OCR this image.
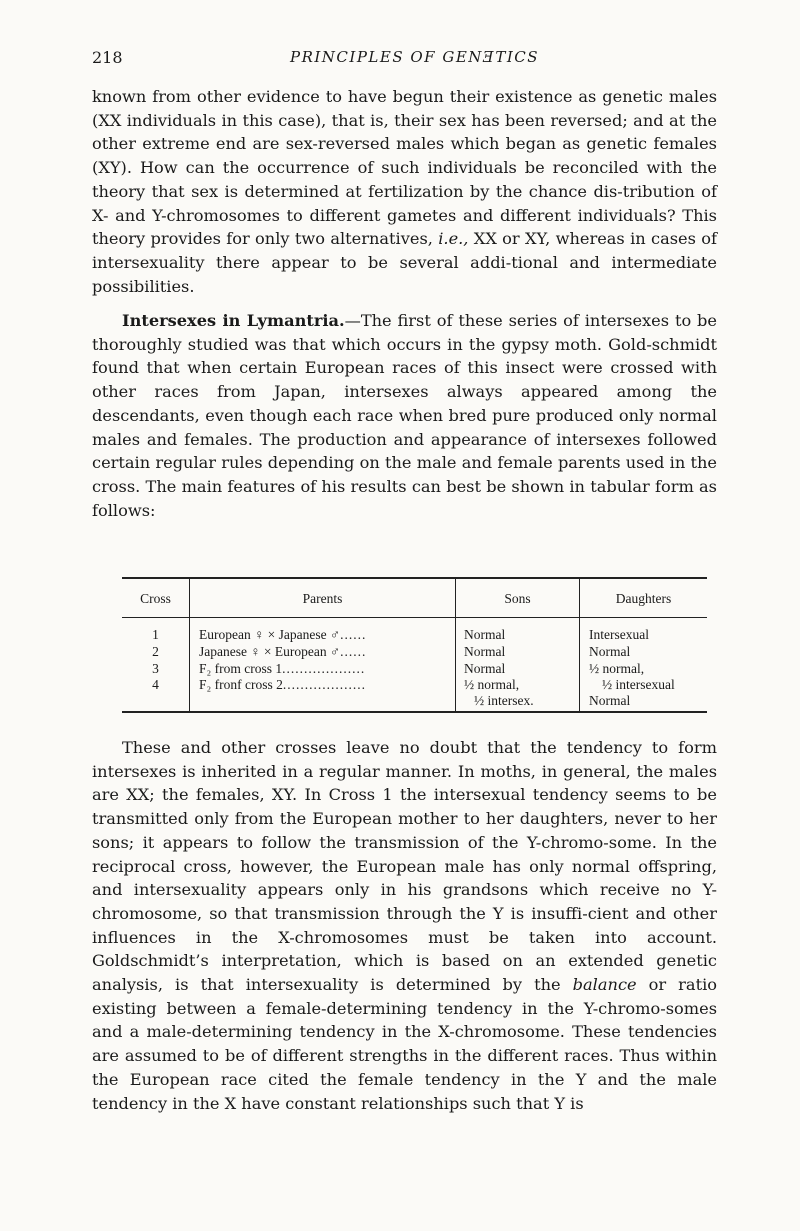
218	PRINCIPLES OF GENƎTICS

known from other evidence to have begun their existence as genetic males (XX individuals in this case), that is, their sex has been reversed; and at the other extreme end are sex-reversed males which began as genetic females (XY). How can the occurrence of such individuals be reconciled with the theory that sex is determined at fertilization by the chance dis-tribution of X- and Y-chromosomes to different gametes and different individuals? This theory provides for only two alternatives, i.e., XX or XY, whereas in cases of intersexuality there appear to be several addi-tional and intermediate possibilities.

Intersexes in Lymantria.—The first of these series of intersexes to be thoroughly studied was that which occurs in the gypsy moth. Gold-schmidt found that when certain European races of this insect were crossed with other races from Japan, intersexes always appeared among the descendants, even though each race when bred pure produced only normal males and females. The production and appearance of intersexes followed certain regular rules depending on the male and female parents used in the cross. The main features of his results can best be shown in tabular form as follows:

Cross	Parents	Sons	Daughters
1	European ♀ × Japanese ♂......	Normal	Intersexual
2	Japanese ♀ × European ♂......	Normal	Normal
3	F₂ from cross 1...................	Normal	½ normal,
½ intersexual
4	F₂ fronf cross 2...................	½ normal,
½ intersex.	Normal

These and other crosses leave no doubt that the tendency to form intersexes is inherited in a regular manner. In moths, in general, the males are XX; the females, XY. In Cross 1 the intersexual tendency seems to be transmitted only from the European mother to her daughters, never to her sons; it appears to follow the transmission of the Y-chromo-some. In the reciprocal cross, however, the European male has only normal offspring, and intersexuality appears only in his grandsons which receive no Y-chromosome, so that transmission through the Y is insuffi-cient and other influences in the X-chromosomes must be taken into account. Goldschmidt’s interpretation, which is based on an extended genetic analysis, is that intersexuality is determined by the balance or ratio existing between a female-determining tendency in the Y-chromo-somes and a male-determining tendency in the X-chromosome. These tendencies are assumed to be of different strengths in the different races. Thus within the European race cited the female tendency in the Y and the male tendency in the X have constant relationships such that Y is
